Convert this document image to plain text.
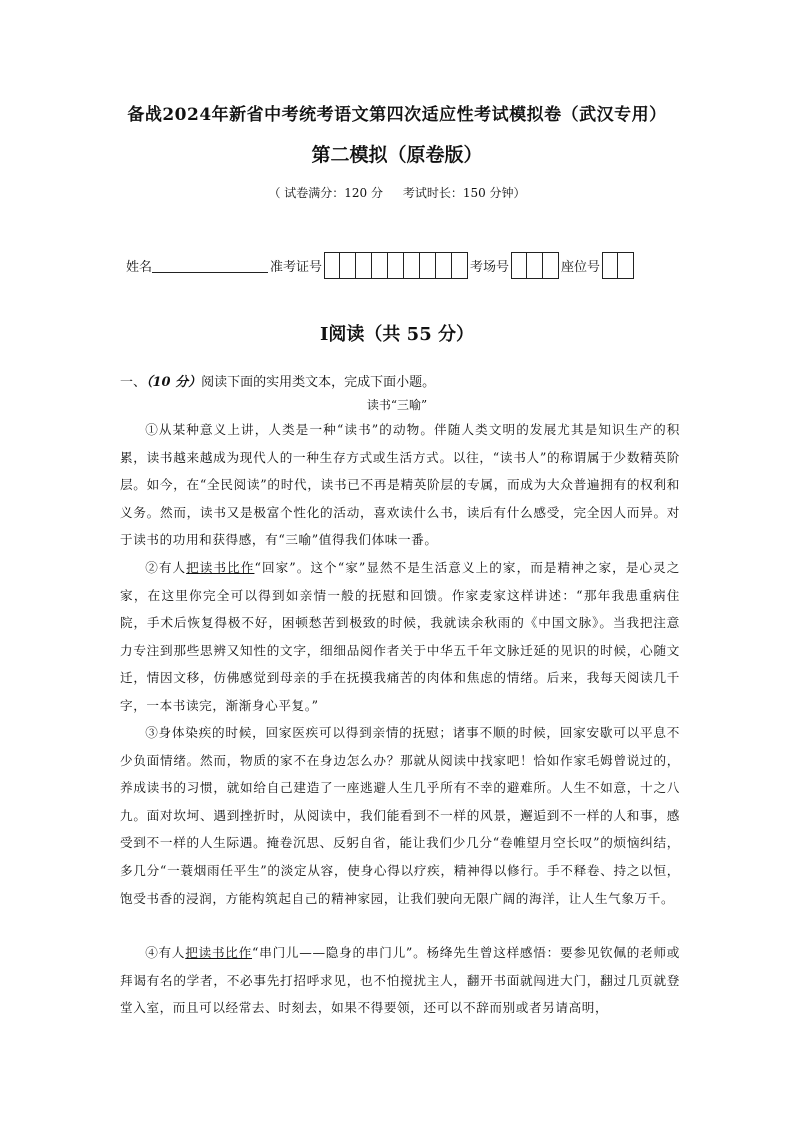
备战2024年新省中考统考语文第四次适应性考试模拟卷（武汉专用）
第二模拟（原卷版）
（ 试卷满分：120 分 考试时长：150 分钟）
姓名	准考证号	考场号	座位号
Ⅰ阅读（共 55 分）
一、（10 分）阅读下面的实用类文本，完成下面小题。
读书“三喻”
①从某种意义上讲，人类是一种“读书”的动物。伴随人类文明的发展尤其是知识生产的积累，读书越来越成为现代人的一种生存方式或生活方式。以往，“读书人”的称谓属于少数精英阶层。如今，在“全民阅读”的时代，读书已不再是精英阶层的专属，而成为大众普遍拥有的权利和义务。然而，读书又是极富个性化的活动，喜欢读什么书，读后有什么感受，完全因人而异。对于读书的功用和获得感，有“三喻”值得我们体味一番。
②有人把读书比作“回家”。这个“家”显然不是生活意义上的家，而是精神之家，是心灵之家，在这里你完全可以得到如亲情一般的抚慰和回馈。作家麦家这样讲述：“那年我患重病住院，手术后恢复得极不好，困顿愁苦到极致的时候，我就读余秋雨的《中国文脉》。当我把注意力专注到那些思辨又知性的文字，细细品阅作者关于中华五千年文脉迁延的见识的时候，心随文迁，情因文移，仿佛感觉到母亲的手在抚摸我痛苦的肉体和焦虑的情绪。后来，我每天阅读几千字，一本书读完，渐渐身心平复。”
③身体染疾的时候，回家医疾可以得到亲情的抚慰；诸事不顺的时候，回家安歇可以平息不少负面情绪。然而，物质的家不在身边怎么办？那就从阅读中找家吧！恰如作家毛姆曾说过的，养成读书的习惯，就如给自己建造了一座逃避人生几乎所有不幸的避难所。人生不如意，十之八九。面对坎坷、遇到挫折时，从阅读中，我们能看到不一样的风景，邂逅到不一样的人和事，感受到不一样的人生际遇。掩卷沉思、反躬自省，能让我们少几分“卷帷望月空长叹”的烦恼纠结，多几分“一蓑烟雨任平生”的淡定从容，使身心得以疗疾，精神得以修行。手不释卷、持之以恒，饱受书香的浸润，方能构筑起自己的精神家园，让我们驶向无限广阔的海洋，让人生气象万千。
④有人把读书比作“串门儿——隐身的串门儿”。杨绛先生曾这样感悟：要参见钦佩的老师或拜谒有名的学者，不必事先打招呼求见，也不怕搅扰主人，翻开书面就闯进大门，翻过几页就登堂入室，而且可以经常去、时刻去，如果不得要领，还可以不辞而别或者另请高明，
